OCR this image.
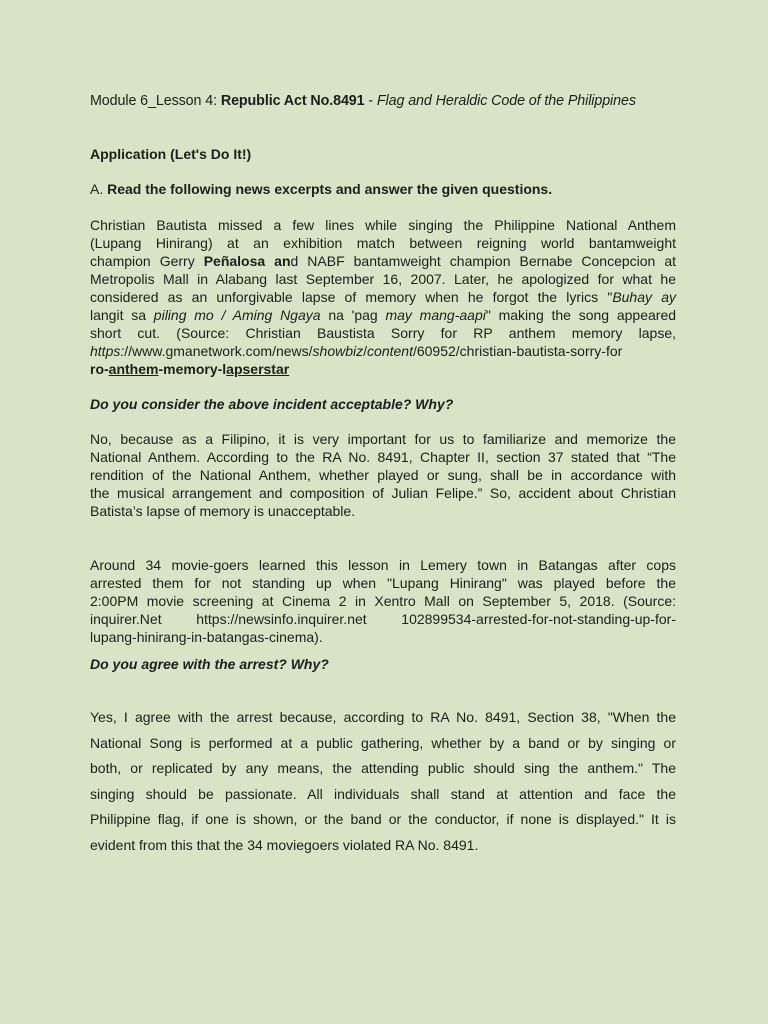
Module 6_Lesson 4: Republic Act No.8491 - Flag and Heraldic Code of the Philippines
Application (Let's Do It!)
A. Read the following news excerpts and answer the given questions.
Christian Bautista missed a few lines while singing the Philippine National Anthem
(Lupang Hinirang) at an exhibition match between reigning world bantamweight
champion Gerry Peñalosa and NABF bantamweight champion Bernabe Concepcion at
Metropolis Mall in Alabang last September 16, 2007. Later, he apologized for what he
considered as an unforgivable lapse of memory when he forgot the lyrics "Buhay ay
langit sa piling mo / Aming Ngaya na 'pag may mang-aapi" making the song appeared
short cut. (Source: Christian Baustista Sorry for RP anthem memory lapse,
https://www.gmanetwork.com/news/showbiz/content/60952/christian-bautista-sorry-for
ro-anthem-memory-lapserstar
Do you consider the above incident acceptable? Why?
No, because as a Filipino, it is very important for us to familiarize and memorize the
National Anthem. According to the RA No. 8491, Chapter II, section 37 stated that “The
rendition of the National Anthem, whether played or sung, shall be in accordance with
the musical arrangement and composition of Julian Felipe.” So, accident about Christian
Batista’s lapse of memory is unacceptable.
Around 34 movie-goers learned this lesson in Lemery town in Batangas after cops
arrested them for not standing up when "Lupang Hinirang" was played before the
2:00PM movie screening at Cinema 2 in Xentro Mall on September 5, 2018. (Source:
inquirer.Net https://newsinfo.inquirer.net 102899534-arrested-for-not-standing-up-for-
lupang-hinirang-in-batangas-cinema).
Do you agree with the arrest? Why?
Yes, I agree with the arrest because, according to RA No. 8491, Section 38, "When the
National Song is performed at a public gathering, whether by a band or by singing or
both, or replicated by any means, the attending public should sing the anthem." The
singing should be passionate. All individuals shall stand at attention and face the
Philippine flag, if one is shown, or the band or the conductor, if none is displayed." It is
evident from this that the 34 moviegoers violated RA No. 8491.
